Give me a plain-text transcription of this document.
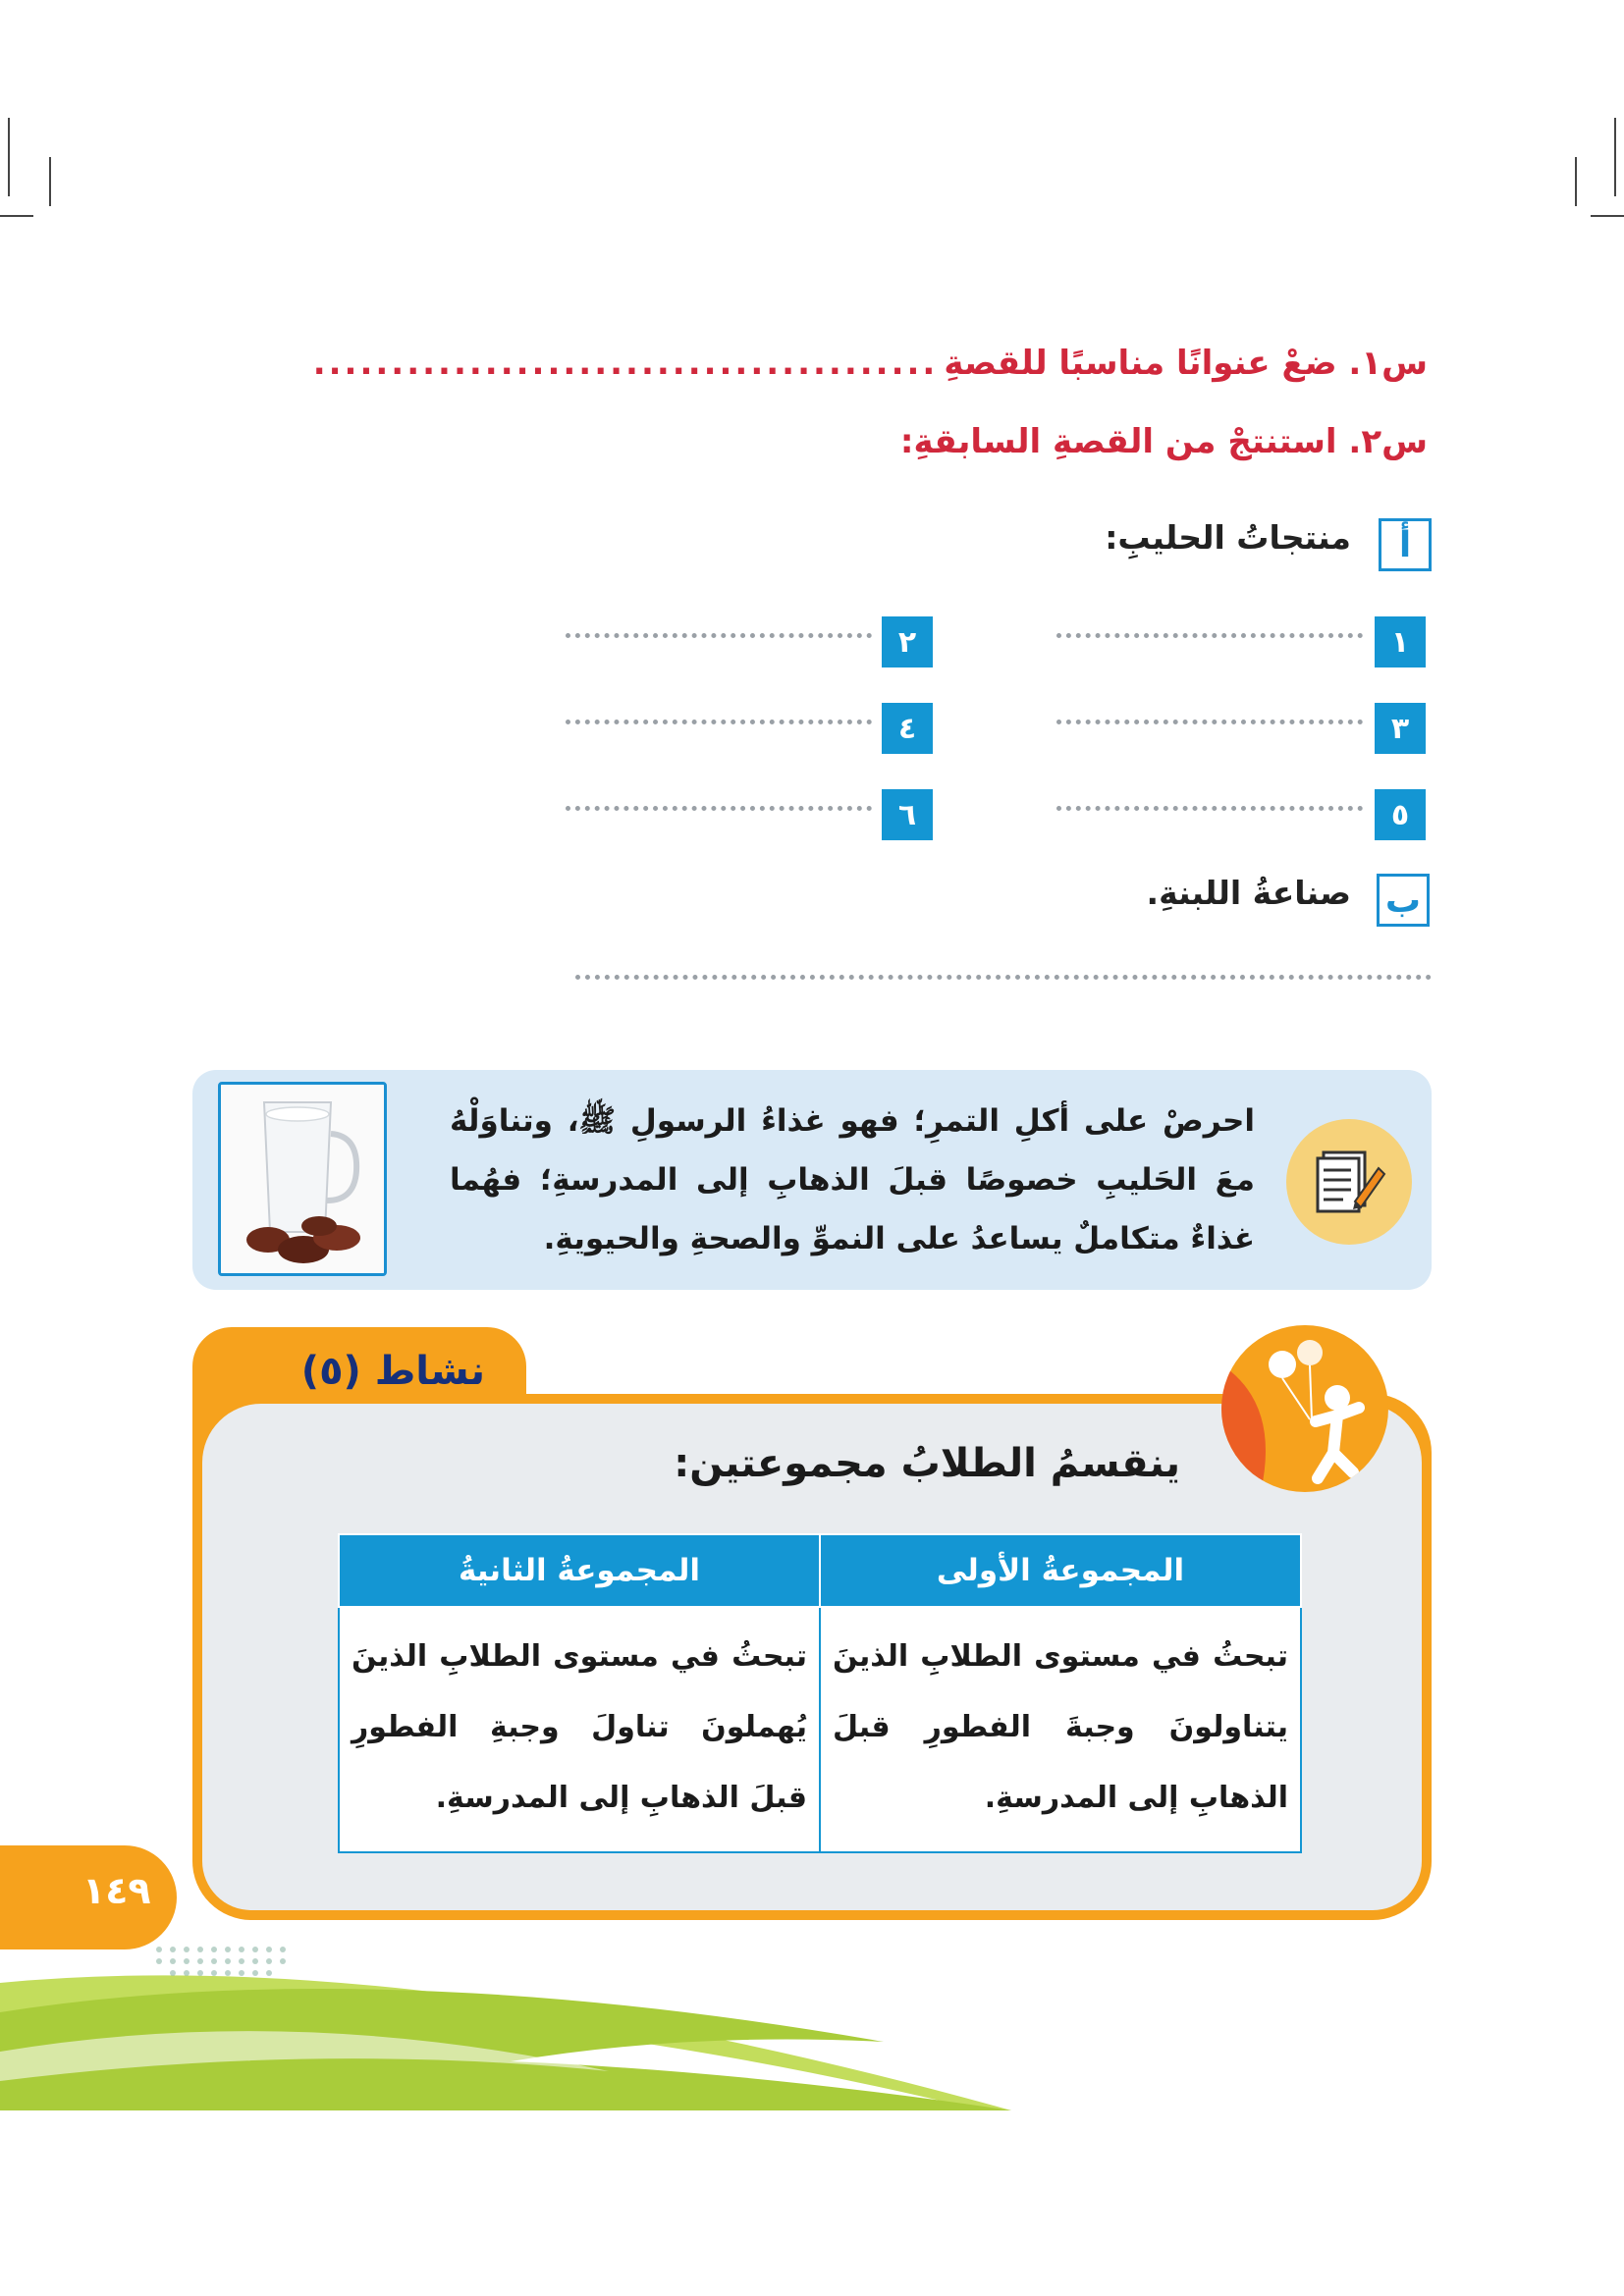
س١. ضعْ عنوانًا مناسبًا للقصةِ
........................................
س٢. استنتجْ من القصةِ السابقةِ:
أ
منتجاتُ الحليبِ:
١
٢
٣
٤
٥
٦
ب
صناعةُ اللبنةِ.
احرصْ على أكلِ التمرِ؛ فهو غذاءُ الرسولِ ﷺ، وتناوَلْهُ معَ الحَليبِ خصوصًا قبلَ الذهابِ إلى المدرسةِ؛ فهُما غذاءٌ متكاملٌ يساعدُ على النموِّ والصحةِ والحيويةِ.
نشاط (٥)
ينقسمُ الطلابُ مجموعتين:
المجموعةُ الأولى	المجموعةُ الثانيةُ
تبحثُ في مستوى الطلابِ الذينَ يتناولونَ وجبةَ الفطورِ قبلَ الذهابِ إلى المدرسةِ.	تبحثُ في مستوى الطلابِ الذينَ يُهملونَ تناولَ وجبةِ الفطورِ قبلَ الذهابِ إلى المدرسةِ.
١٤٩
